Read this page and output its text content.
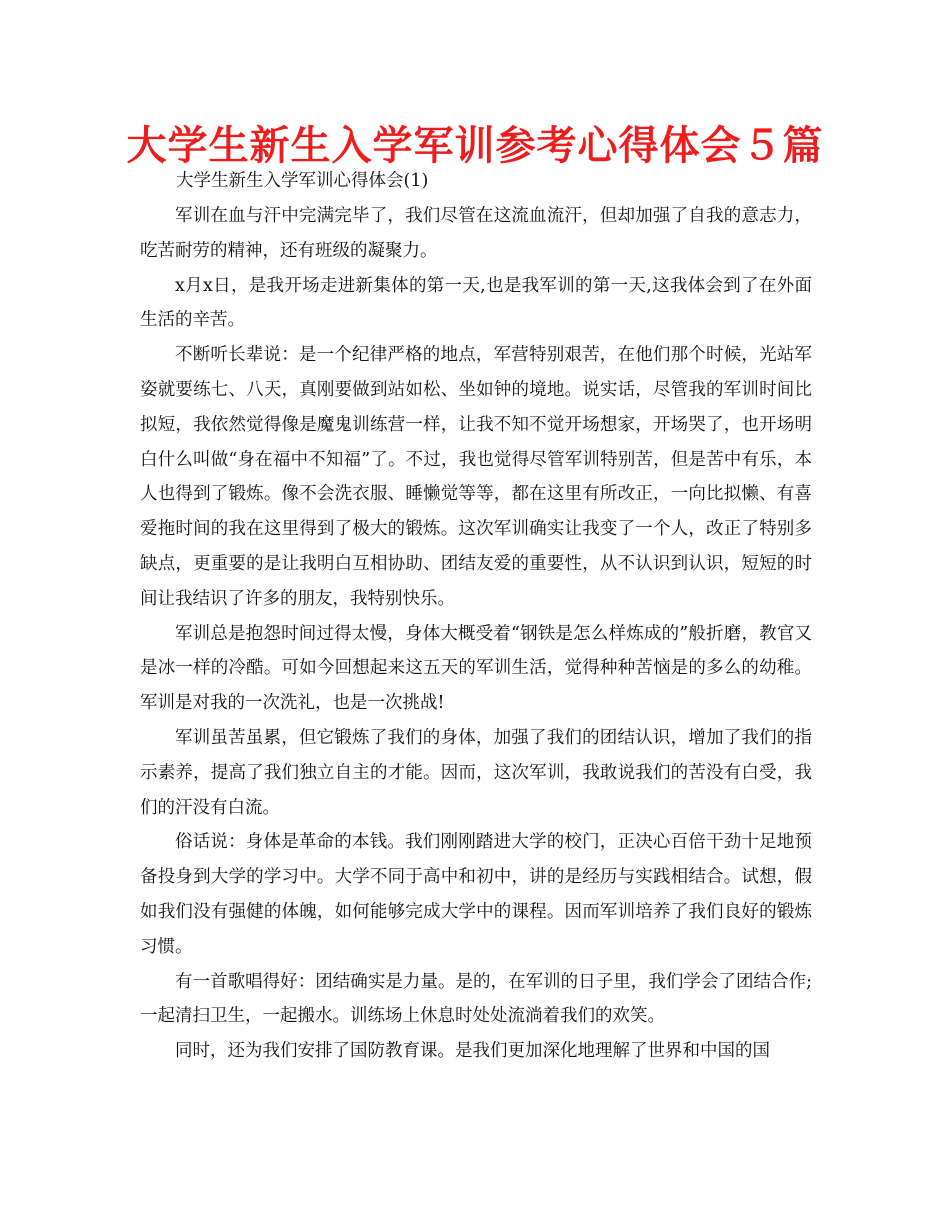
大学生新生入学军训参考心得体会５篇
大学生新生入学军训心得体会(1)

军训在血与汗中完满完毕了，我们尽管在这流血流汗，但却加强了自我的意志力，吃苦耐劳的精神，还有班级的凝聚力。

x月x日，是我开场走进新集体的第一天,也是我军训的第一天,这我体会到了在外面生活的辛苦。

不断听长辈说：是一个纪律严格的地点，军营特别艰苦，在他们那个时候，光站军姿就要练七、八天，真刚要做到站如松、坐如钟的境地。说实话，尽管我的军训时间比拟短，我依然觉得像是魔鬼训练营一样，让我不知不觉开场想家，开场哭了，也开场明白什么叫做“身在福中不知福”了。不过，我也觉得尽管军训特别苦，但是苦中有乐，本人也得到了锻炼。像不会洗衣服、睡懒觉等等，都在这里有所改正，一向比拟懒、有喜爱拖时间的我在这里得到了极大的锻炼。这次军训确实让我变了一个人，改正了特别多缺点，更重要的是让我明白互相协助、团结友爱的重要性，从不认识到认识，短短的时间让我结识了许多的朋友，我特别快乐。

军训总是抱怨时间过得太慢，身体大概受着“钢铁是怎么样炼成的”般折磨，教官又是冰一样的冷酷。可如今回想起来这五天的军训生活，觉得种种苦恼是的多么的幼稚。军训是对我的一次洗礼，也是一次挑战!

军训虽苦虽累，但它锻炼了我们的身体，加强了我们的团结认识，增加了我们的指示素养，提高了我们独立自主的才能。因而，这次军训，我敢说我们的苦没有白受，我们的汗没有白流。

俗话说：身体是革命的本钱。我们刚刚踏进大学的校门，正决心百倍干劲十足地预备投身到大学的学习中。大学不同于高中和初中，讲的是经历与实践相结合。试想，假如我们没有强健的体魄，如何能够完成大学中的课程。因而军训培养了我们良好的锻炼习惯。

有一首歌唱得好：团结确实是力量。是的，在军训的日子里，我们学会了团结合作;一起清扫卫生，一起搬水。训练场上休息时处处流淌着我们的欢笑。

同时，还为我们安排了国防教育课。是我们更加深化地理解了世界和中国的国
